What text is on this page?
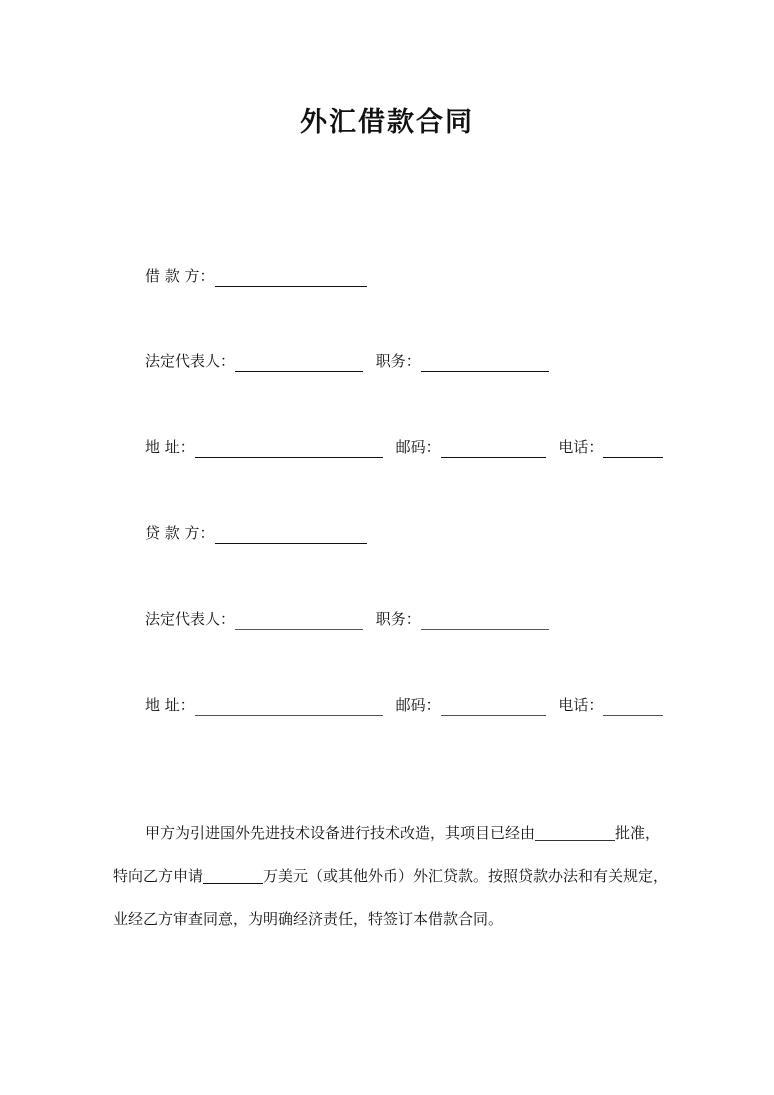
外汇借款合同
借 款 方：
法定代表人：	职务：
地 址：	邮码：	电话：
贷 款 方：
法定代表人：	职务：
地 址：	邮码：	电话：
甲方为引进国外先进技术设备进行技术改造，其项目已经由	批准，
特向乙方申请	万美元（或其他外币）外汇贷款。按照贷款办法和有关规定，
业经乙方审查同意，为明确经济责任，特签订本借款合同。
